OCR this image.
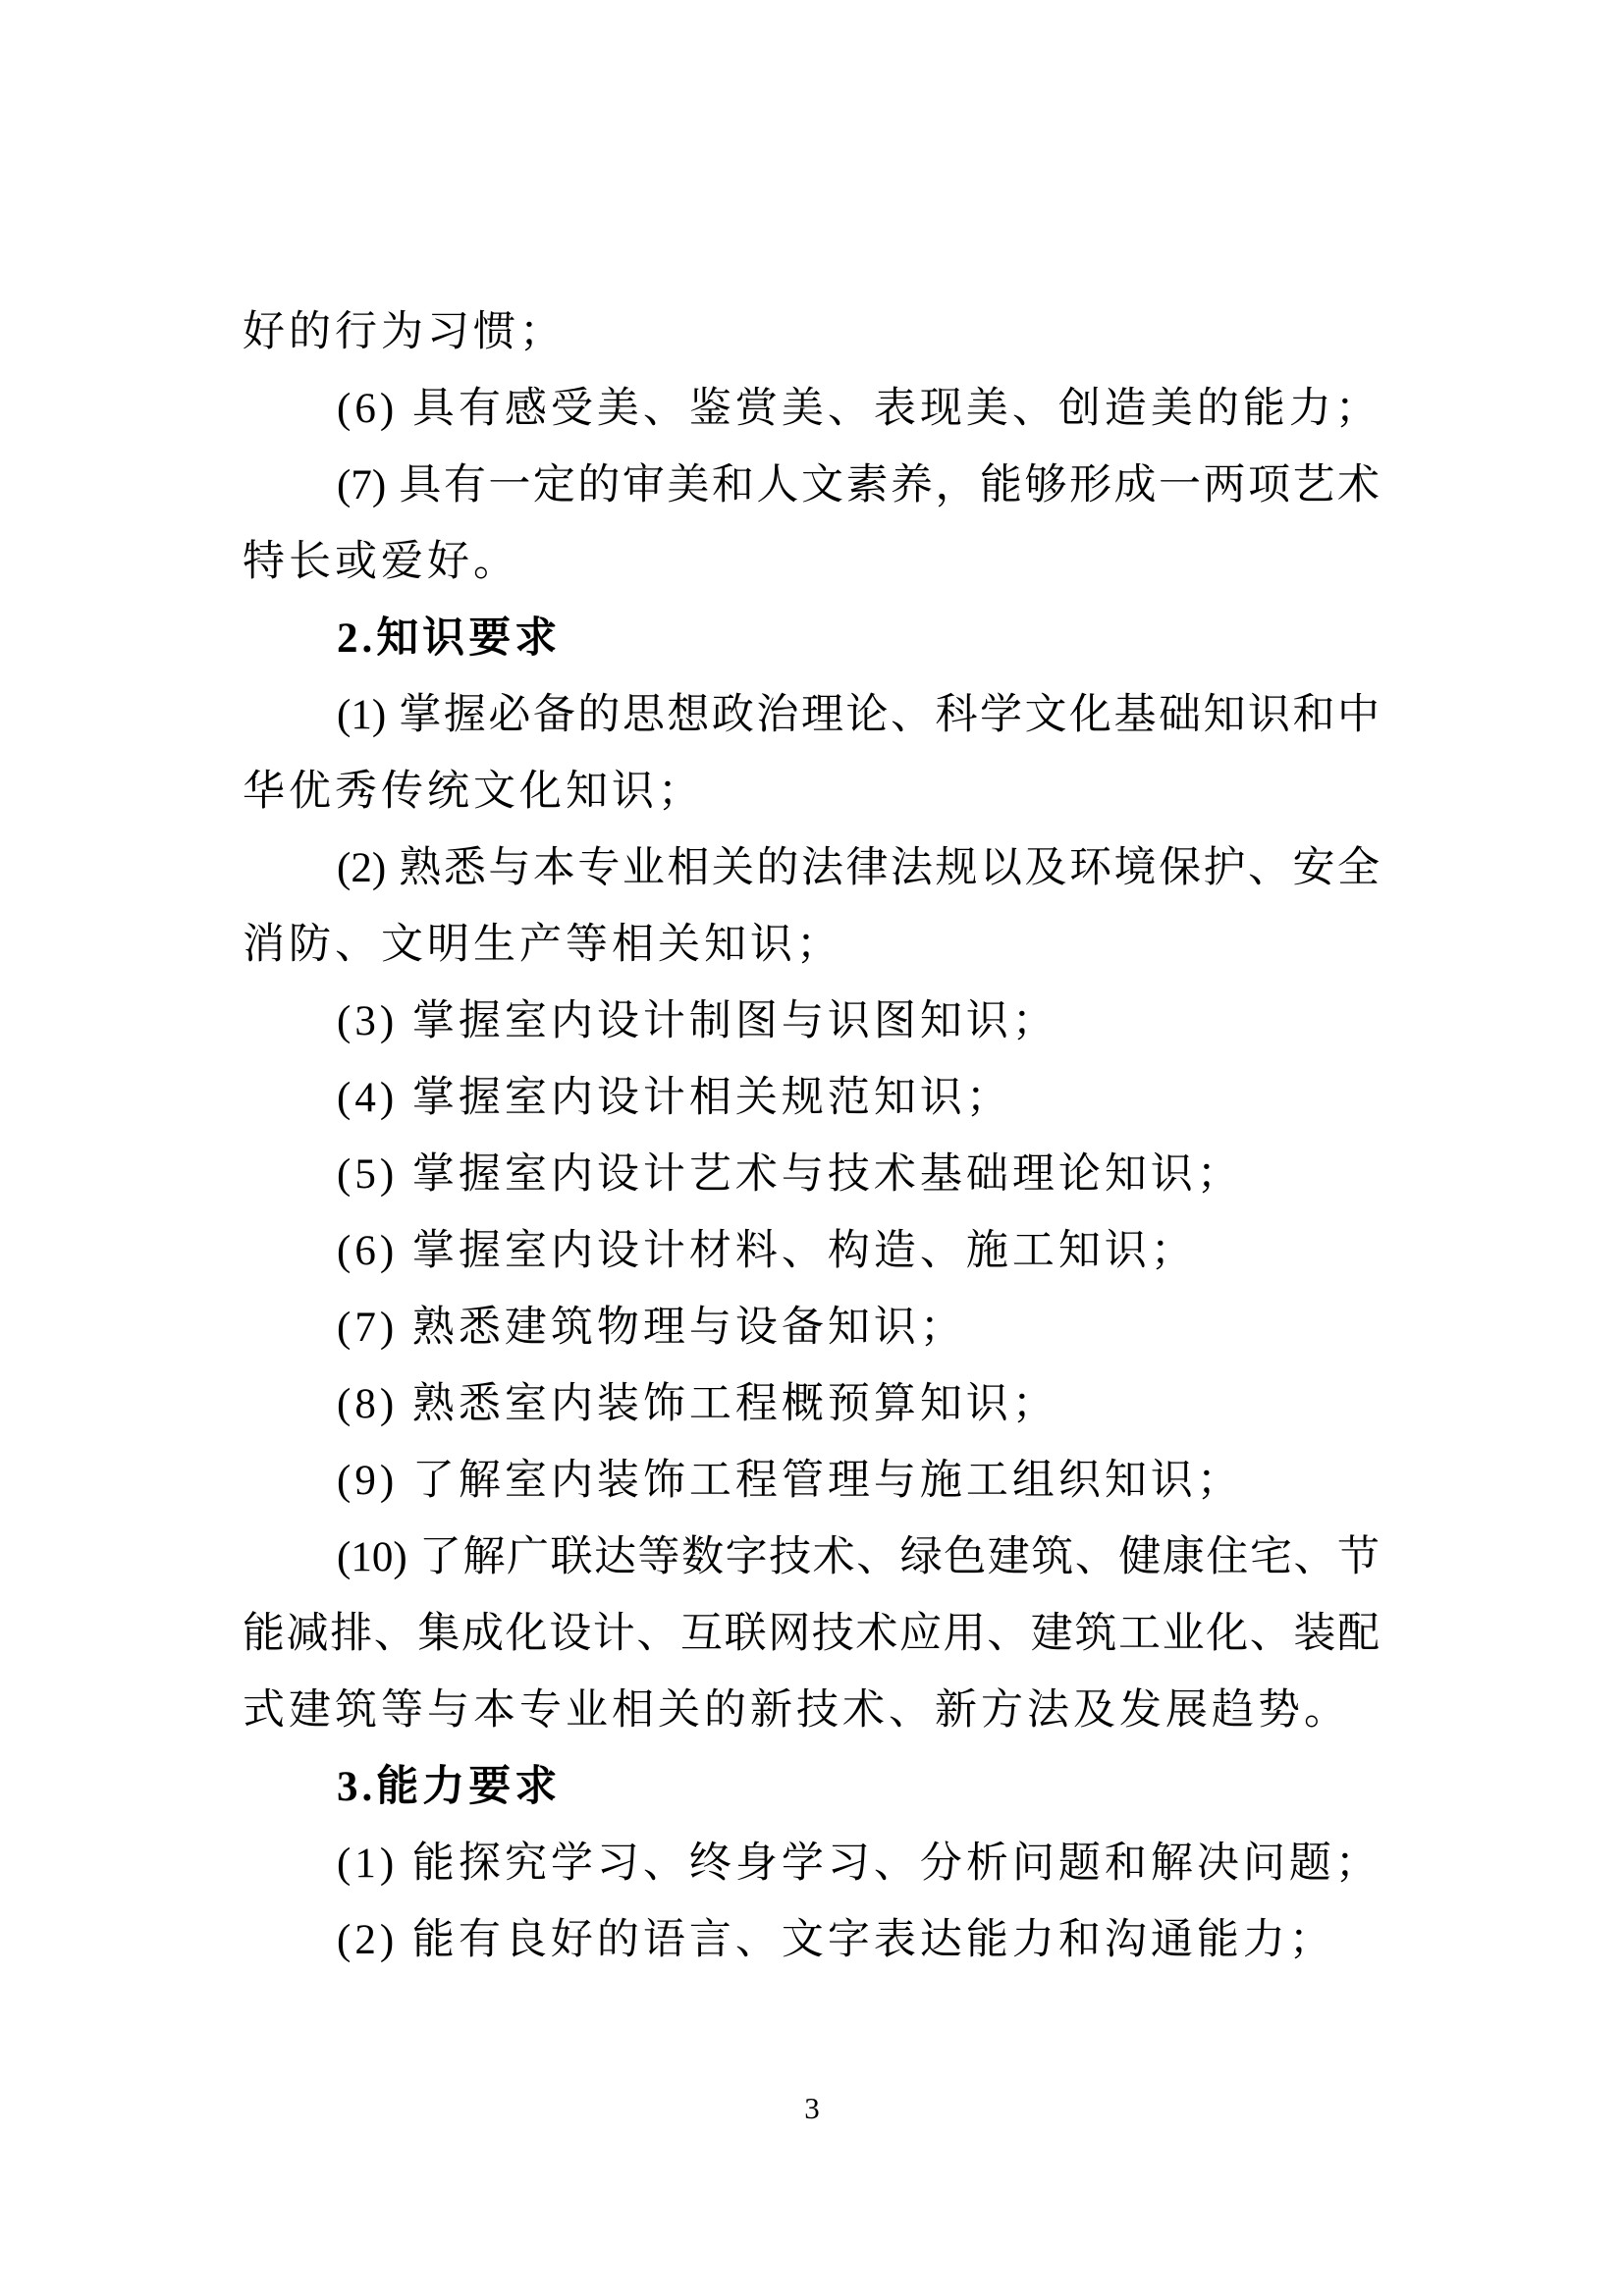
好的行为习惯；
(6) 具有感受美、鉴赏美、表现美、创造美的能力；
(7) 具有一定的审美和人文素养，能够形成一两项艺术
特长或爱好。
2.知识要求
(1) 掌握必备的思想政治理论、科学文化基础知识和中
华优秀传统文化知识；
(2) 熟悉与本专业相关的法律法规以及环境保护、安全
消防、文明生产等相关知识；
(3) 掌握室内设计制图与识图知识；
(4) 掌握室内设计相关规范知识；
(5) 掌握室内设计艺术与技术基础理论知识；
(6) 掌握室内设计材料、构造、施工知识；
(7) 熟悉建筑物理与设备知识；
(8) 熟悉室内装饰工程概预算知识；
(9) 了解室内装饰工程管理与施工组织知识；
(10) 了解广联达等数字技术、绿色建筑、健康住宅、节
能减排、集成化设计、互联网技术应用、建筑工业化、装配
式建筑等与本专业相关的新技术、新方法及发展趋势。
3.能力要求
(1) 能探究学习、终身学习、分析问题和解决问题；
(2) 能有良好的语言、文字表达能力和沟通能力；
3
